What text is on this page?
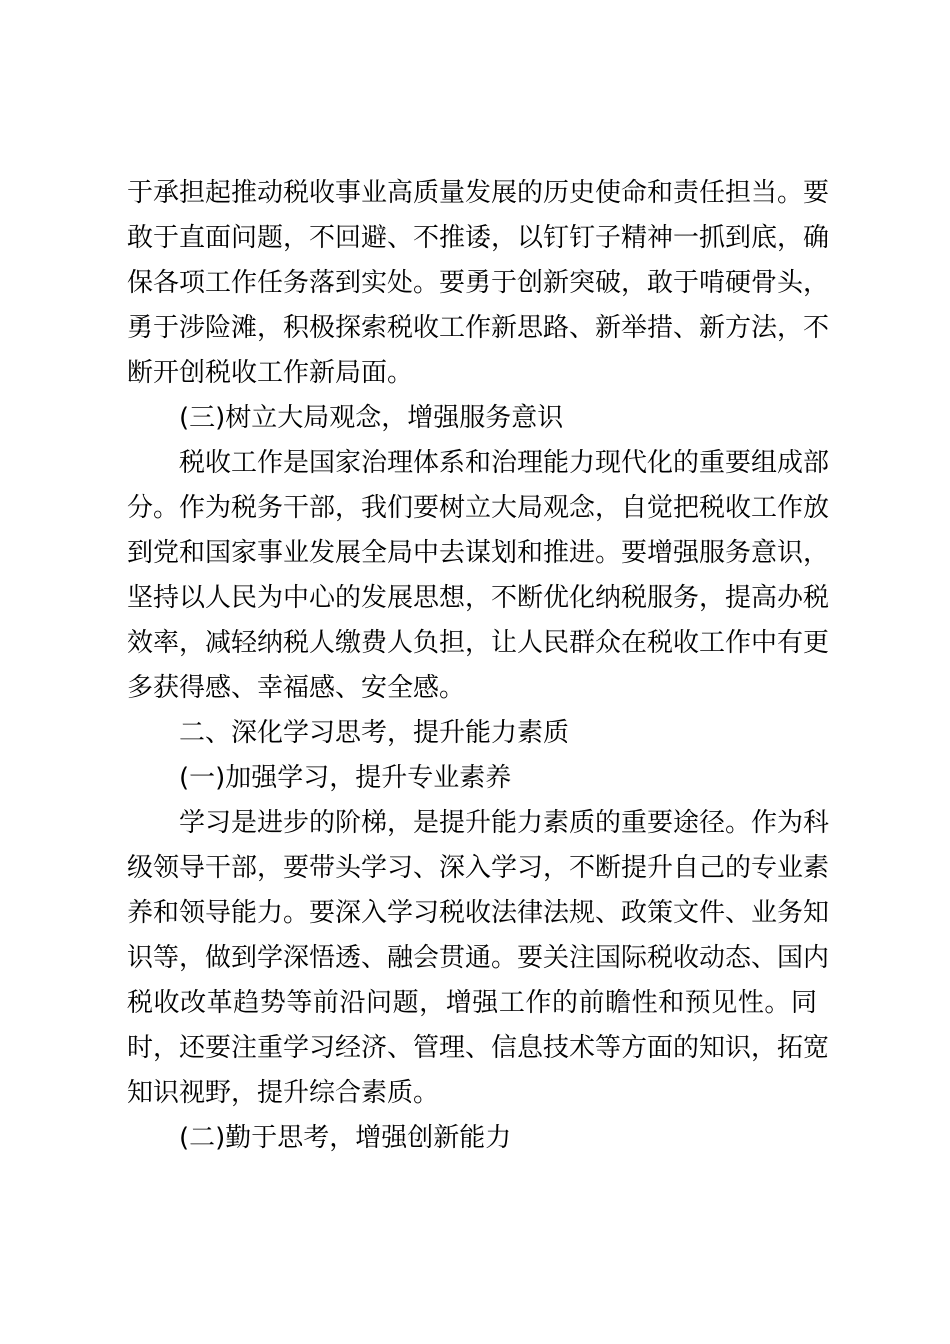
于承担起推动税收事业高质量发展的历史使命和责任担当。要
敢于直面问题，不回避、不推诿，以钉钉子精神一抓到底，确
保各项工作任务落到实处。要勇于创新突破，敢于啃硬骨头，
勇于涉险滩，积极探索税收工作新思路、新举措、新方法，不
断开创税收工作新局面。
(三)树立大局观念，增强服务意识
税收工作是国家治理体系和治理能力现代化的重要组成部
分。作为税务干部，我们要树立大局观念，自觉把税收工作放
到党和国家事业发展全局中去谋划和推进。要增强服务意识，
坚持以人民为中心的发展思想，不断优化纳税服务，提高办税
效率，减轻纳税人缴费人负担，让人民群众在税收工作中有更
多获得感、幸福感、安全感。
二、深化学习思考，提升能力素质
(一)加强学习，提升专业素养
学习是进步的阶梯，是提升能力素质的重要途径。作为科
级领导干部，要带头学习、深入学习，不断提升自己的专业素
养和领导能力。要深入学习税收法律法规、政策文件、业务知
识等，做到学深悟透、融会贯通。要关注国际税收动态、国内
税收改革趋势等前沿问题，增强工作的前瞻性和预见性。同
时，还要注重学习经济、管理、信息技术等方面的知识，拓宽
知识视野，提升综合素质。
(二)勤于思考，增强创新能力
